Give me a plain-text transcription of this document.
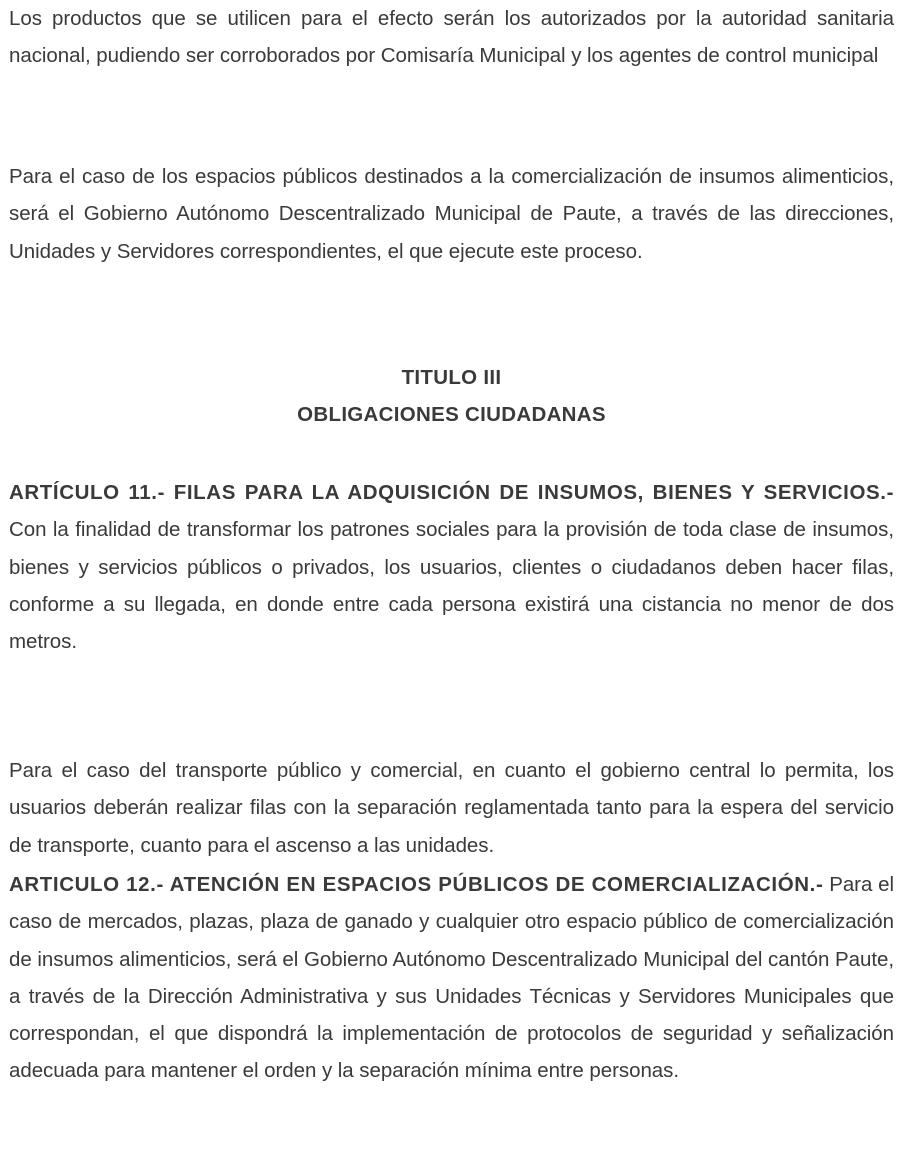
Los productos que se utilicen para el efecto serán los autorizados por la autoridad sanitaria nacional, pudiendo ser corroborados por Comisaría Municipal y los agentes de control municipal

Para el caso de los espacios públicos destinados a la comercialización de insumos alimenticios, será el Gobierno Autónomo Descentralizado Municipal de Paute, a través de las direcciones, Unidades y Servidores correspondientes, el que ejecute este proceso.

TITULO III
OBLIGACIONES CIUDADANAS

ARTÍCULO 11.- FILAS PARA LA ADQUISICIÓN DE INSUMOS, BIENES Y SERVICIOS.- Con la finalidad de transformar los patrones sociales para la provisión de toda clase de insumos, bienes y servicios públicos o privados, los usuarios, clientes o ciudadanos deben hacer filas, conforme a su llegada, en donde entre cada persona existirá una cistancia no menor de dos metros.

Para el caso del transporte público y comercial, en cuanto el gobierno central lo permita, los usuarios deberán realizar filas con la separación reglamentada tanto para la espera del servicio de transporte, cuanto para el ascenso a las unidades.

ARTICULO 12.- ATENCIÓN EN ESPACIOS PÚBLICOS DE COMERCIALIZACIÓN.- Para el caso de mercados, plazas, plaza de ganado y cualquier otro espacio público de comercialización de insumos alimenticios, será el Gobierno Autónomo Descentralizado Municipal del cantón Paute, a través de la Dirección Administrativa y sus Unidades Técnicas y Servidores Municipales que correspondan, el que dispondrá la implementación de protocolos de seguridad y señalización adecuada para mantener el orden y la separación mínima entre personas.
